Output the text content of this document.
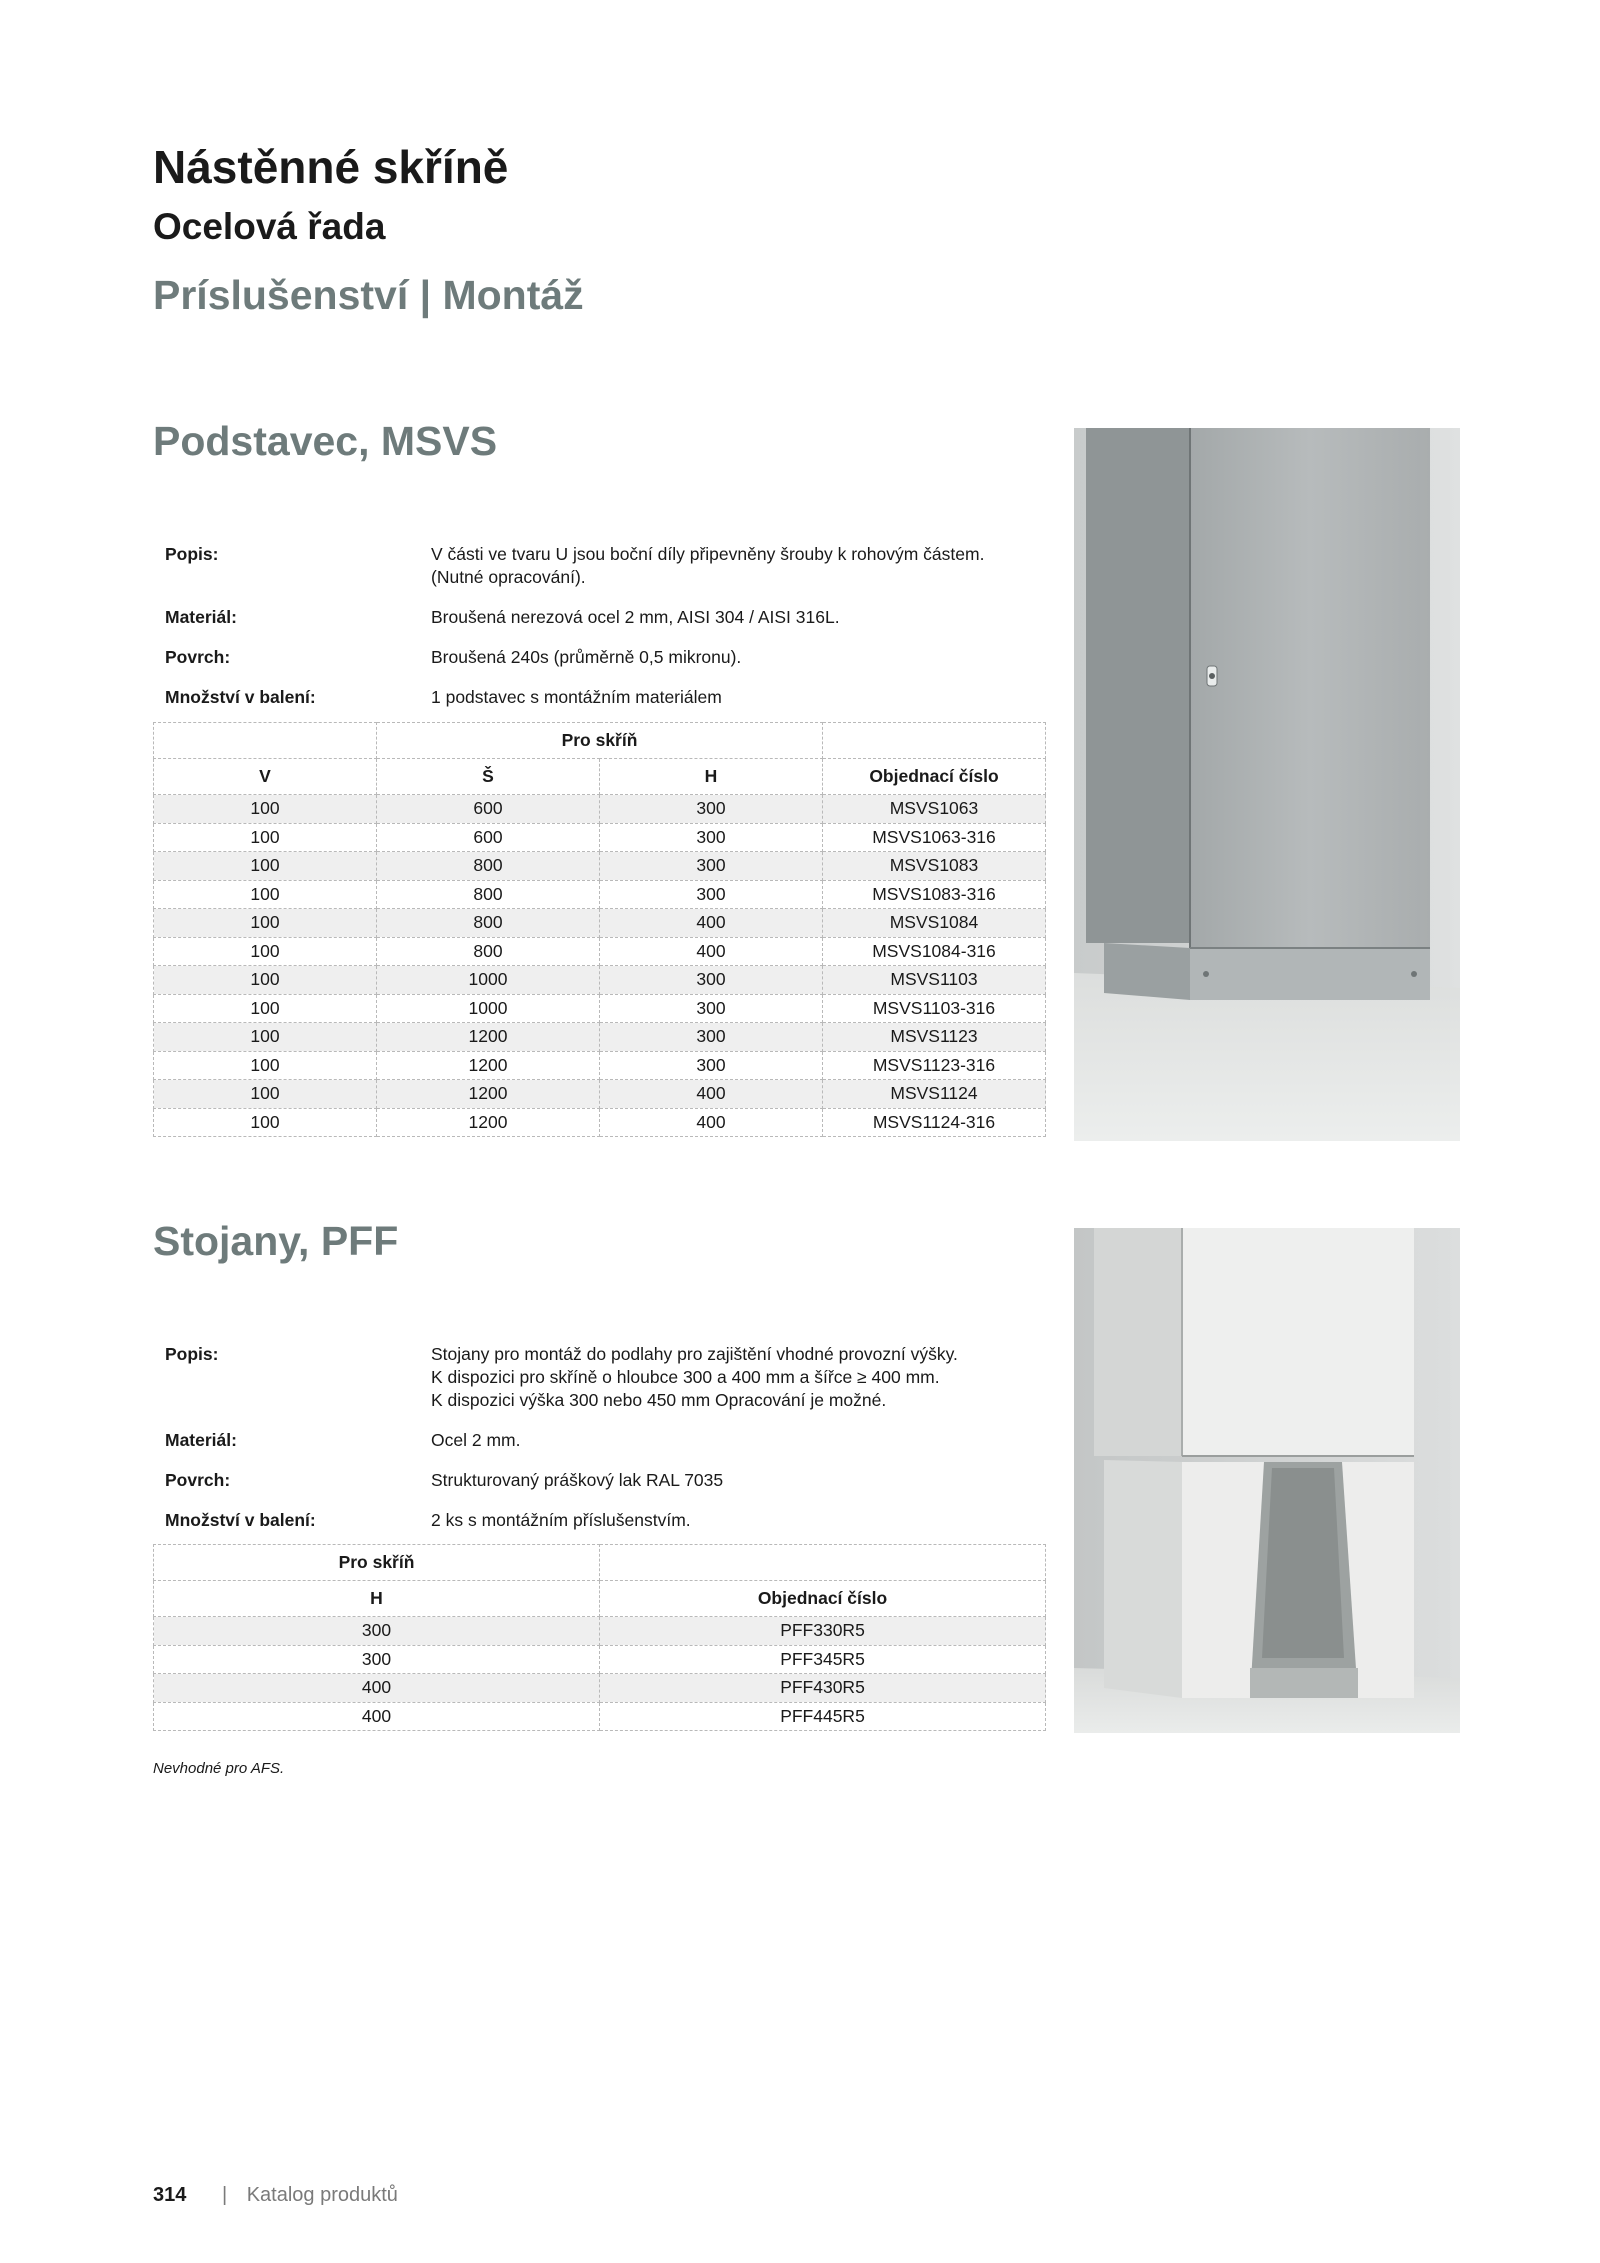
Nástěnné skříně
Ocelová řada
Príslušenství | Montáž
Podstavec, MSVS
Popis:	V části ve tvaru U jsou boční díly připevněny šrouby k rohovým částem.
(Nutné opracování).
Materiál:	Broušená nerezová ocel 2 mm, AISI 304 / AISI 316L.
Povrch:	Broušená 240s (průměrně 0,5 mikronu).
Množství v balení:	1 podstavec s montážním materiálem
	Pro skříň		
V	Š	H	Objednací číslo
100	600	300	MSVS1063
100	600	300	MSVS1063-316
100	800	300	MSVS1083
100	800	300	MSVS1083-316
100	800	400	MSVS1084
100	800	400	MSVS1084-316
100	1000	300	MSVS1103
100	1000	300	MSVS1103-316
100	1200	300	MSVS1123
100	1200	300	MSVS1123-316
100	1200	400	MSVS1124
100	1200	400	MSVS1124-316
Stojany, PFF
Popis:	Stojany pro montáž do podlahy pro zajištění vhodné provozní výšky.
K dispozici pro skříně o hloubce 300 a 400 mm a šířce ≥ 400 mm.
K dispozici výška 300 nebo 450 mm Opracování je možné.
Materiál:	Ocel 2 mm.
Povrch:	Strukturovaný práškový lak RAL 7035
Množství v balení:	2 ks s montážním příslušenstvím.
Pro skříň	
H	Objednací číslo
300	PFF330R5
300	PFF345R5
400	PFF430R5
400	PFF445R5
Nevhodné pro AFS.
314 | Katalog produktů
